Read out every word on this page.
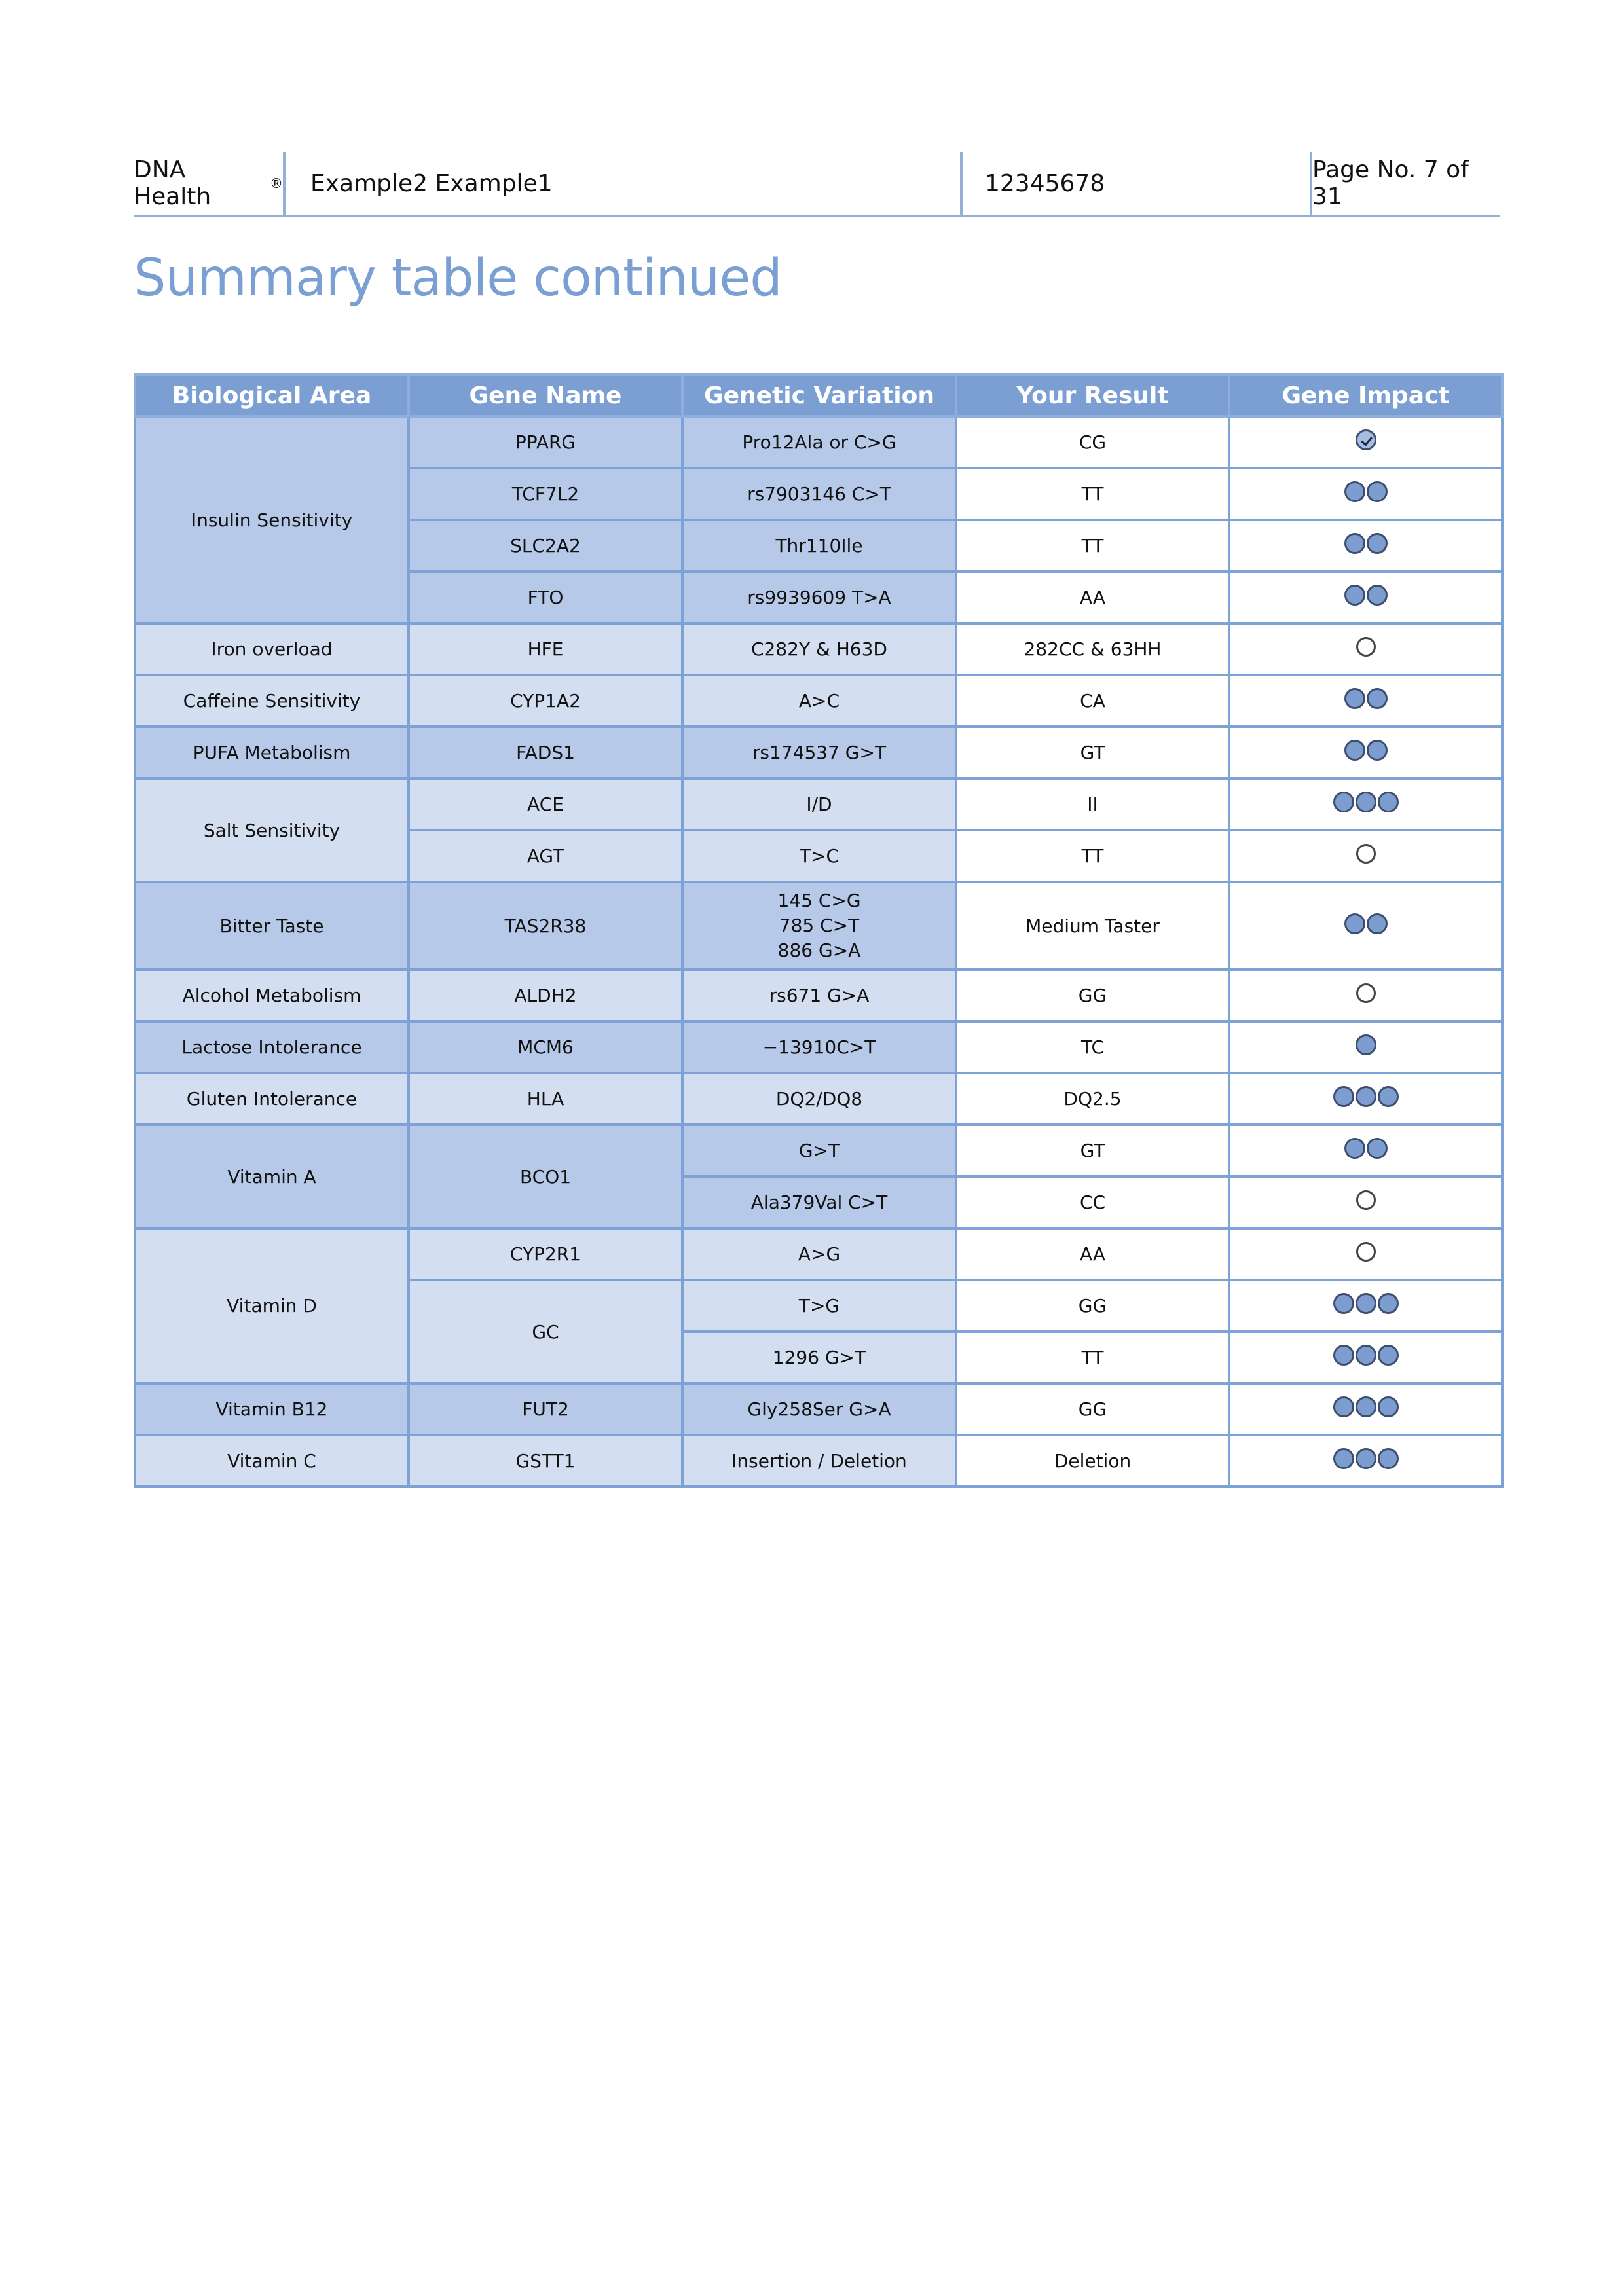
DNA Health	®	Example2 Example1	12345678	Page No. 7 of 31
Summary table continued
Biological Area	Gene Name	Genetic Variation	Your Result	Gene Impact
Insulin Sensitivity	PPARG	Pro12Ala or C>G	CG	

	TCF7L2	rs7903146 C>T	TT	

	SLC2A2	Thr110Ile	TT	

	FTO	rs9939609 T>A	AA	

Iron overload	HFE	C282Y & H63D	282CC & 63HH	

Caffeine Sensitivity	CYP1A2	A>C	CA	

PUFA Metabolism	FADS1	rs174537 G>T	GT	

Salt Sensitivity	ACE	I/D	II	

	AGT	T>C	TT	

Bitter Taste	TAS2R38	145 C>G
785 C>T
886 G>A	Medium Taster	

Alcohol Metabolism	ALDH2	rs671 G>A	GG	

Lactose Intolerance	MCM6	−13910C>T	TC	

Gluten Intolerance	HLA	DQ2/DQ8	DQ2.5	

Vitamin A	BCO1	G>T	GT	

		Ala379Val C>T	CC	

Vitamin D	CYP2R1	A>G	AA	

	GC	T>G	GG	

		1296 G>T	TT	

Vitamin B12	FUT2	Gly258Ser G>A	GG	

Vitamin C	GSTT1	Insertion / Deletion	Deletion	
